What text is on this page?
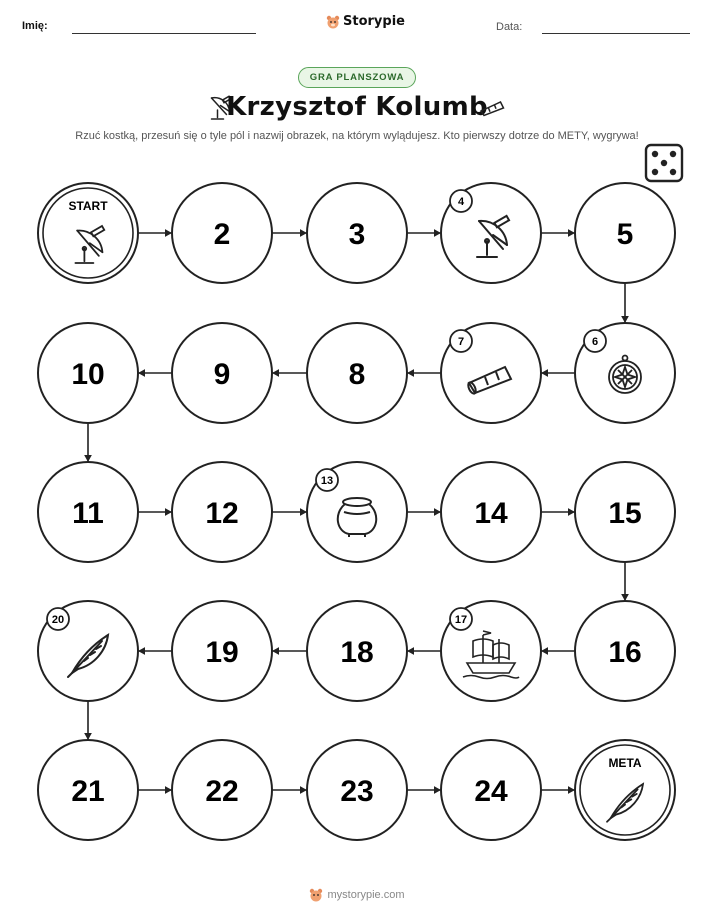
Imię:	Storypie	Data:
GRA PLANSZOWA
Krzysztof Kolumb
Rzuć kostką, przesuń się o tyle pól i nazwij obrazek, na którym wylądujesz. Kto pierwszy dotrze do METY, wygrywa!
START
2	3
4
5
6
7
8
9
10
11	12
13
14	15
16
17
18
19
20
21	22	23	24
META
mystorypie.com
